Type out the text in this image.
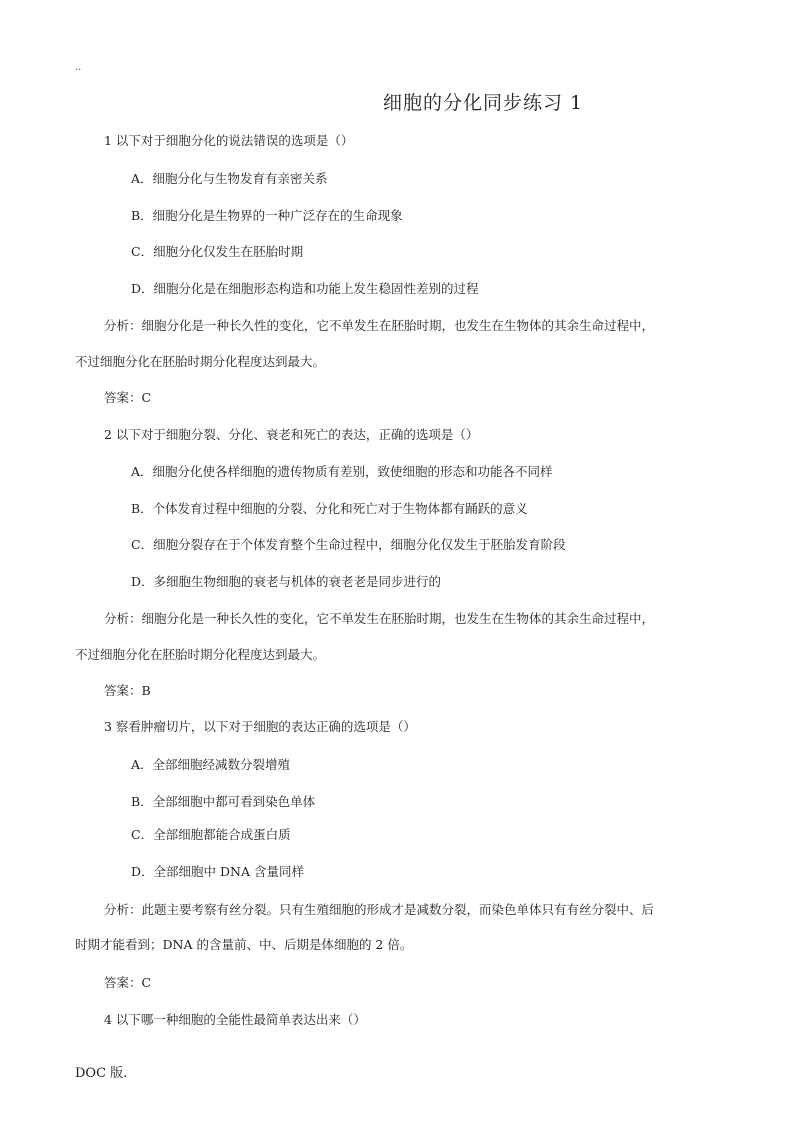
..
细胞的分化同步练习 1
1 以下对于细胞分化的说法错误的选项是（）
A．细胞分化与生物发育有亲密关系
B．细胞分化是生物界的一种广泛存在的生命现象
C．细胞分化仅发生在胚胎时期
D．细胞分化是在细胞形态构造和功能上发生稳固性差别的过程
分析：细胞分化是一种长久性的变化，它不单发生在胚胎时期，也发生在生物体的其余生命过程中，
不过细胞分化在胚胎时期分化程度达到最大。
答案：C
2 以下对于细胞分裂、分化、衰老和死亡的表达，正确的选项是（）
A．细胞分化使各样细胞的遗传物质有差别，致使细胞的形态和功能各不同样
B．个体发育过程中细胞的分裂、分化和死亡对于生物体都有踊跃的意义
C．细胞分裂存在于个体发育整个生命过程中，细胞分化仅发生于胚胎发育阶段
D．多细胞生物细胞的衰老与机体的衰老老是同步进行的
分析：细胞分化是一种长久性的变化，它不单发生在胚胎时期，也发生在生物体的其余生命过程中，
不过细胞分化在胚胎时期分化程度达到最大。
答案：B
3 察看肿瘤切片，以下对于细胞的表达正确的选项是（）
A．全部细胞经减数分裂增殖
B．全部细胞中都可看到染色单体
C．全部细胞都能合成蛋白质
D．全部细胞中 DNA 含量同样
分析：此题主要考察有丝分裂。只有生殖细胞的形成才是减数分裂，而染色单体只有有丝分裂中、后
时期才能看到；DNA 的含量前、中、后期是体细胞的 2 倍。
答案：C
4 以下哪一种细胞的全能性最简单表达出来（）
DOC 版.
